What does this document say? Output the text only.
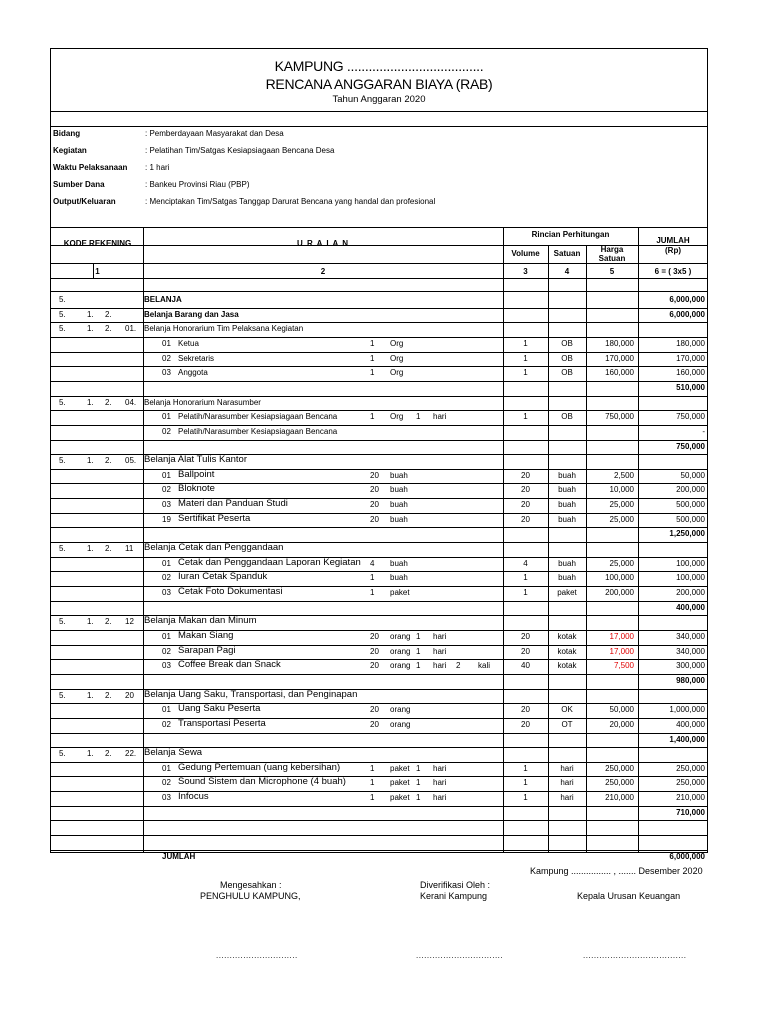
KAMPUNG ......................................
RENCANA ANGGARAN BIAYA (RAB)
Tahun Anggaran 2020
Bidang	: Pemberdayaan Masyarakat dan Desa
Kegiatan	: Pelatihan Tim/Satgas Kesiapsiagaan Bencana Desa
Waktu Pelaksanaan : 1 hari
Sumber Dana	: Bankeu Provinsi Riau (PBP)
Output/Keluaran	: Menciptakan Tim/Satgas Tanggap Darurat Bencana yang handal dan profesional
KODE REKENING	U R A I A N
Rincian Perhitungan
Volume	Satuan	Harga
Satuan
JUMLAH
(Rp)
1	2	3	4	5	6 = ( 3x5 )
5.	BELANJA	6,000,000
5.	1. 2.	Belanja Barang dan Jasa	6,000,000
5.	1. 2. 01. Belanja Honorarium Tim Pelaksana Kegiatan
01 Ketua	1 Org	1	OB	180,000	180,000
02 Sekretaris	1 Org	1	OB	170,000	170,000
03 Anggota	1 Org	1	OB	160,000	160,000
510,000
5.	1. 2. 04. Belanja Honorarium Narasumber
01 Pelatih/Narasumber Kesiapsiagaan Bencana	1 Org 1 hari	1	OB	750,000	750,000
02 Pelatih/Narasumber Kesiapsiagaan Bencana	-
750,000
5.	1. 2. 05. Belanja Alat Tulis Kantor
01 Ballpoint	20 buah	20	buah	2,500	50,000
02 Bloknote	20 buah	20	buah	10,000	200,000
03 Materi dan Panduan Studi	20 buah	20	buah	25,000	500,000
19 Sertifikat Peserta	20 buah	20	buah	25,000	500,000
1,250,000
5.	1. 2. 11 Belanja Cetak dan Penggandaan
01 Cetak dan Penggandaan Laporan Kegiatan 4 buah	4	buah	25,000	100,000
02 Iuran Cetak Spanduk	1 buah	1	buah	100,000	100,000
03 Cetak Foto Dokumentasi	1 paket	1	paket	200,000	200,000
400,000
5.	1. 2. 12 Belanja Makan dan Minum
01 Makan Siang	20 orang 1 hari	20	kotak	17,000	340,000
02 Sarapan Pagi	20 orang 1 hari	20	kotak	17,000	340,000
03 Coffee Break dan Snack	20 orang 1 hari 2 kali	40	kotak	7,500	300,000
980,000
5.	1. 2. 20 Belanja Uang Saku, Transportasi, dan Penginapan
01 Uang Saku Peserta	20 orang	20	OK	50,000	1,000,000
02 Transportasi Peserta	20 orang	20	OT	20,000	400,000
1,400,000
5.	1. 2. 22. Belanja Sewa
01 Gedung Pertemuan (uang kebersihan)	1 paket 1 hari	1	hari	250,000	250,000
02 Sound Sistem dan Microphone (4 buah)	1 paket 1 hari	1	hari	250,000	250,000
03 Infocus	1 paket 1 hari	1	hari	210,000	210,000
710,000
JUMLAH	6,000,000
Kampung ................ , ....... Desember 2020
Mengesahkan :
PENGHULU KAMPUNG,
Diverifikasi Oleh :
Kerani Kampung	Kepala Urusan Keuangan
..............................	................................	......................................
